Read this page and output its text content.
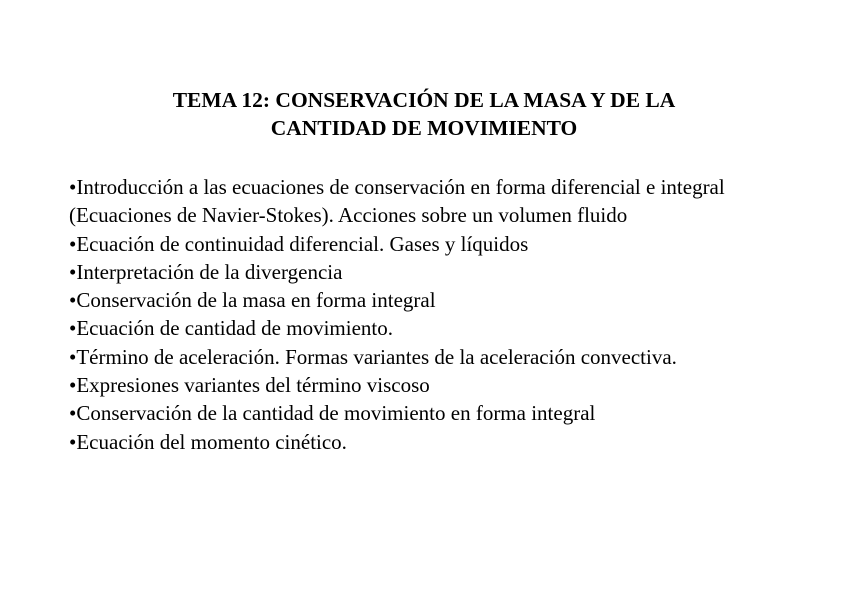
TEMA 12: CONSERVACIÓN DE LA MASA Y DE LA
CANTIDAD DE MOVIMIENTO
•Introducción a las ecuaciones de conservación en forma diferencial e integral (Ecuaciones de Navier-Stokes). Acciones sobre un volumen fluido
•Ecuación de continuidad diferencial. Gases y líquidos
•Interpretación de la divergencia
•Conservación de la masa en forma integral
•Ecuación de cantidad de movimiento.
•Término de aceleración. Formas variantes de la aceleración convectiva.
•Expresiones variantes del término viscoso
•Conservación de la cantidad de movimiento en forma integral
•Ecuación del momento cinético.
